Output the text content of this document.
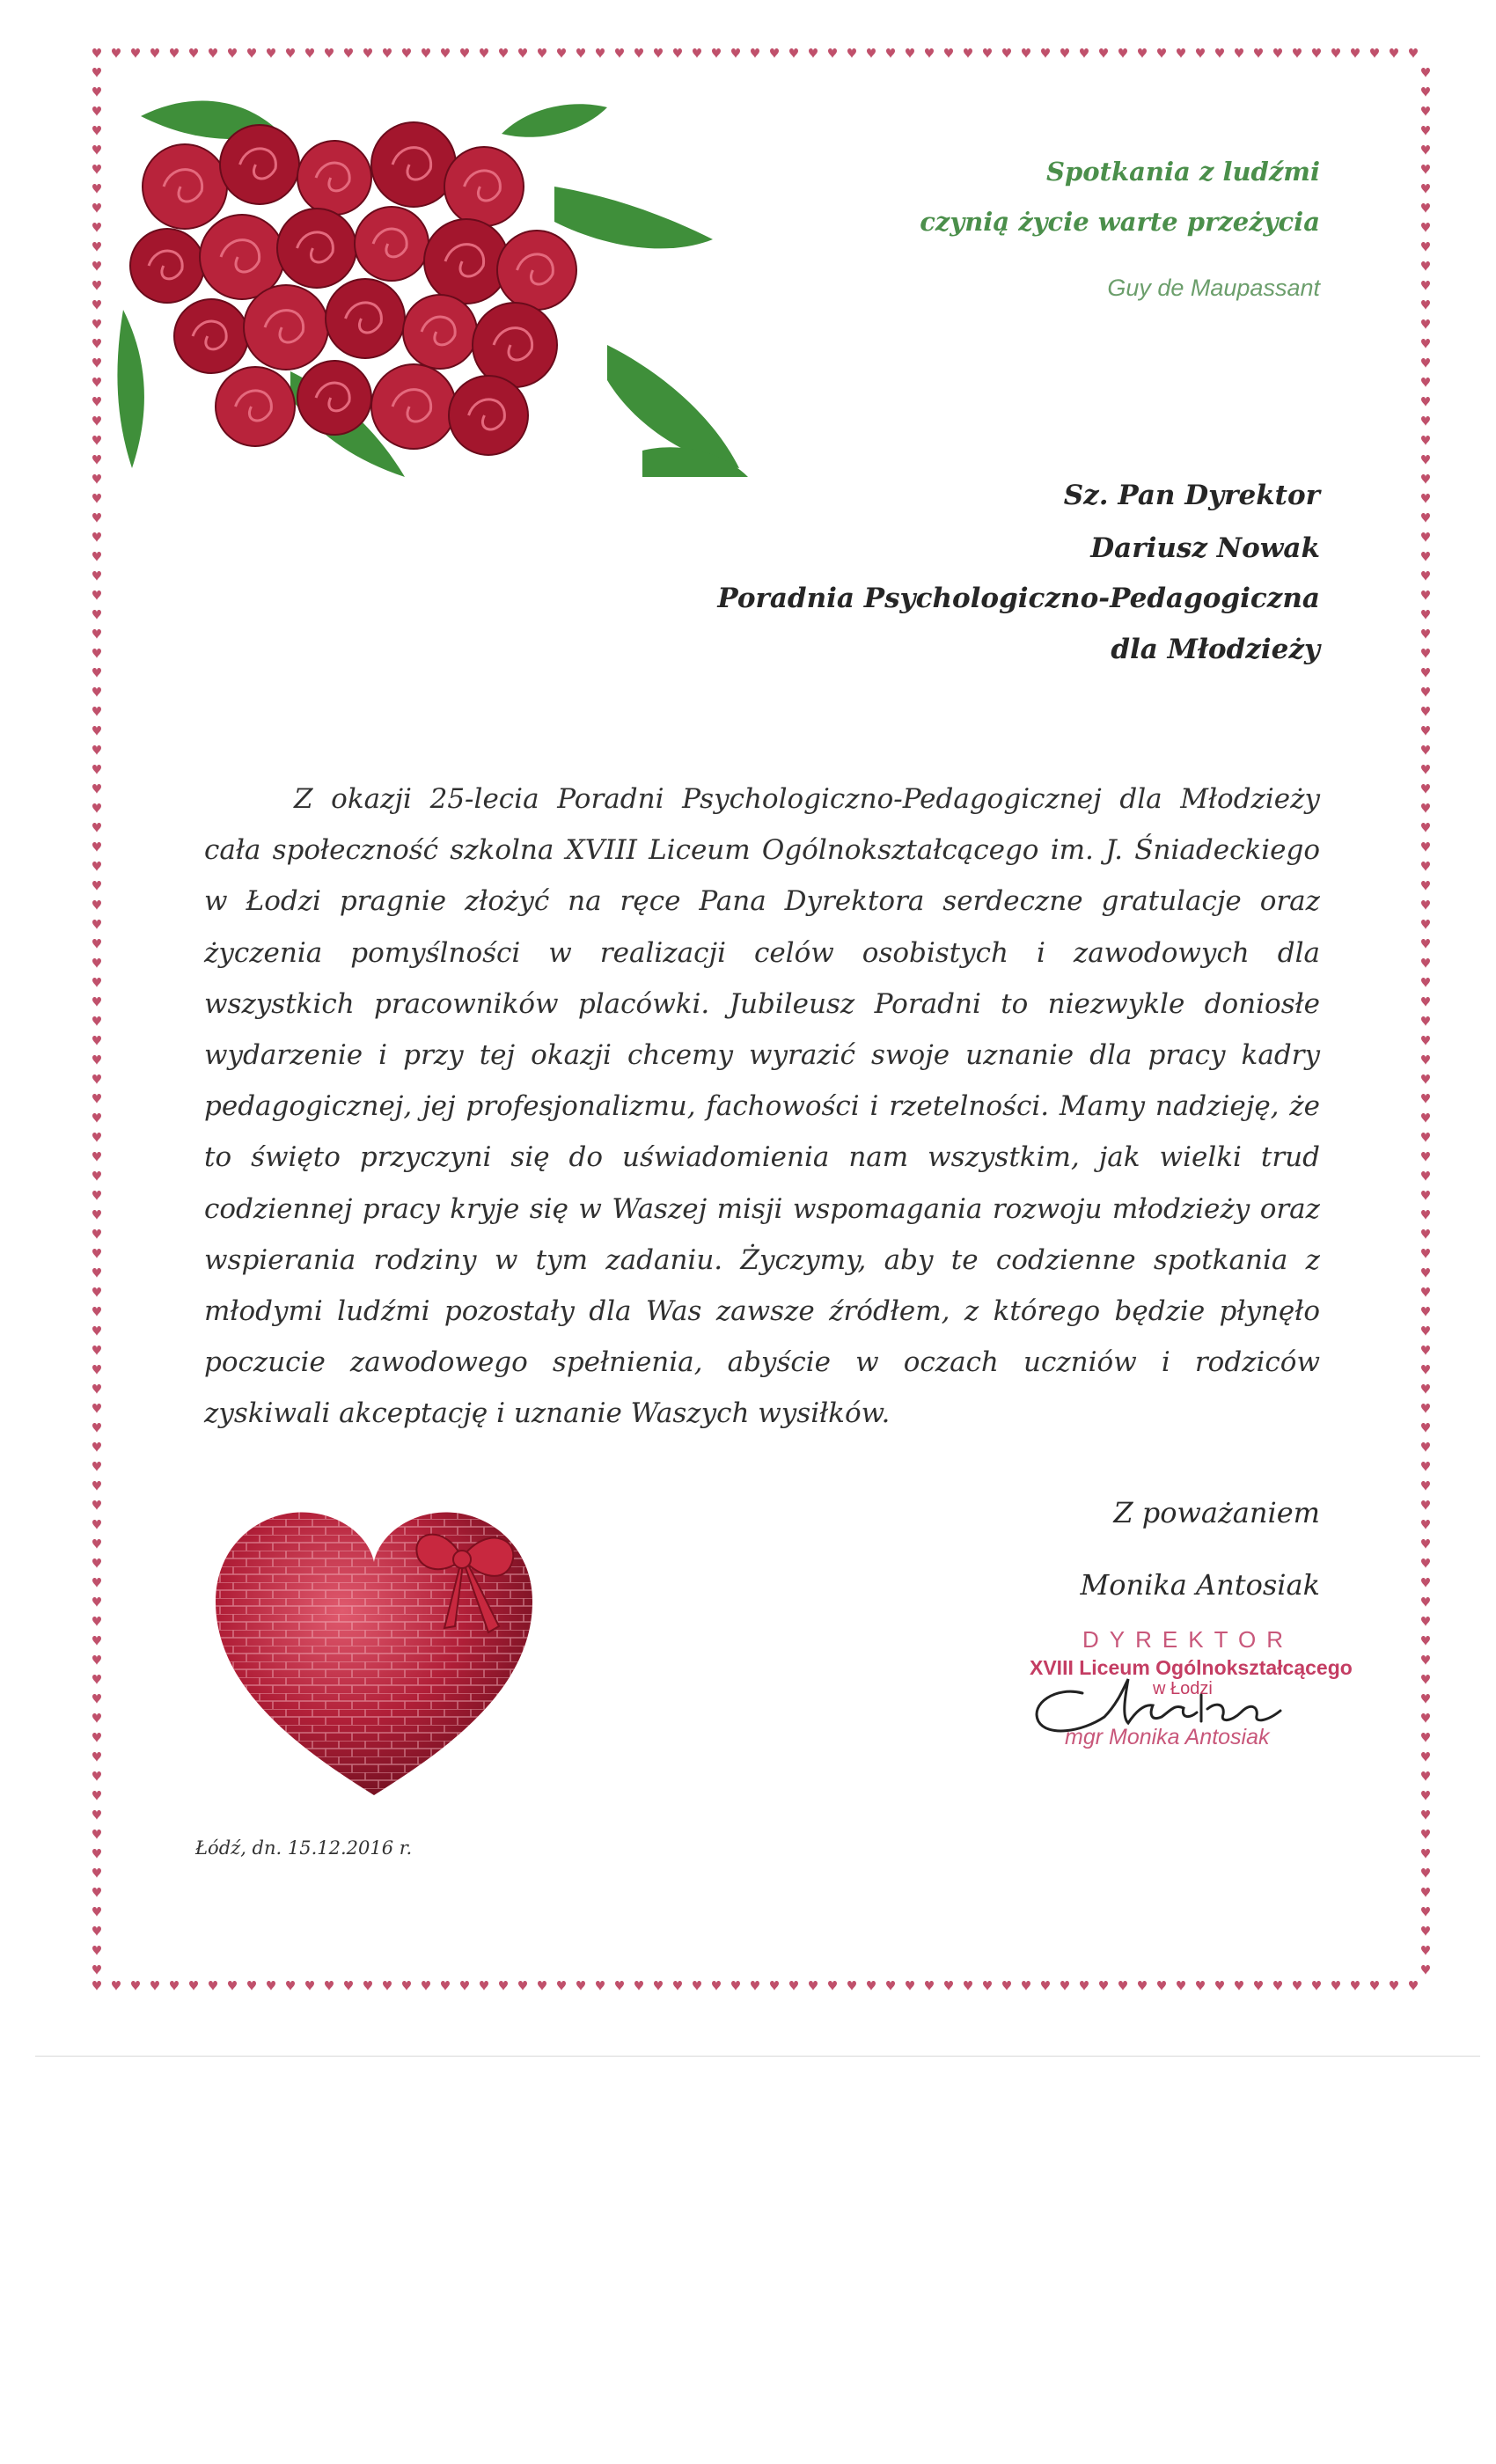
Spotkania z ludźmi
czynią życie warte przeżycia
Guy de Maupassant
Sz. Pan Dyrektor
Dariusz Nowak
Poradnia Psychologiczno-Pedagogiczna
dla Młodzieży

Z okazji 25-lecia Poradni Psychologiczno-Pedagogicznej dla Młodzieży cała społeczność szkolna XVIII Liceum Ogólnokształcącego im. J. Śniadeckiego w Łodzi pragnie złożyć na ręce Pana Dyrektora serdeczne gratulacje oraz życzenia pomyślności w realizacji celów osobistych i zawodowych dla wszystkich pracowników placówki. Jubileusz Poradni to niezwykle doniosłe wydarzenie i przy tej okazji chcemy wyrazić swoje uznanie dla pracy kadry pedagogicznej, jej profesjonalizmu, fachowości i rzetelności. Mamy nadzieję, że to święto przyczyni się do uświadomienia nam wszystkim, jak wielki trud codziennej pracy kryje się w Waszej misji wspomagania rozwoju młodzieży oraz wspierania rodziny w tym zadaniu. Życzymy, aby te codzienne spotkania z młodymi ludźmi pozostały dla Was zawsze źródłem, z którego będzie płynęło poczucie zawodowego spełnienia, abyście w oczach uczniów i rodziców zyskiwali akceptację i uznanie Waszych wysiłków.

Z poważaniem
Monika Antosiak
DYREKTOR
XVIII Liceum Ogólnokształcącego
w Łodzi
mgr Monika Antosiak
Łódź, dn. 15.12.2016 r.
